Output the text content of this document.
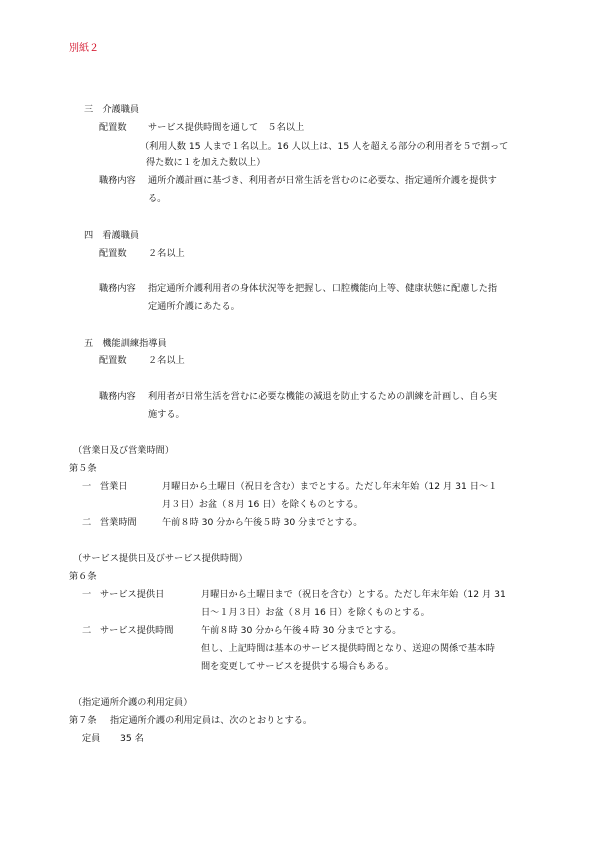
別紙２
三　介護職員
配置数 サービス提供時間を通して　５名以上
（利用人数 15 人まで１名以上。16 人以上は、15 人を超える部分の利用者を５で割って
得た数に１を加えた数以上）
職務内容 通所介護計画に基づき、利用者が日常生活を営むのに必要な、指定通所介護を提供す
る。
四　看護職員
配置数 ２名以上
職務内容 指定通所介護利用者の身体状況等を把握し、口腔機能向上等、健康状態に配慮した指
定通所介護にあたる。
五　機能訓練指導員
配置数 ２名以上
職務内容 利用者が日常生活を営むに必要な機能の減退を防止するための訓練を計画し、自ら実
施する。
（営業日及び営業時間）
第５条
一 営業日	月曜日から土曜日（祝日を含む）までとする。ただし年末年始（12 月 31 日～１
月３日）お盆（８月 16 日）を除くものとする。
二 営業時間	午前８時 30 分から午後５時 30 分までとする。
（サービス提供日及びサービス提供時間）
第６条
一 サービス提供日	月曜日から土曜日まで（祝日を含む）とする。ただし年末年始（12 月 31
日～１月３日）お盆（８月 16 日）を除くものとする。
二 サービス提供時間	午前８時 30 分から午後４時 30 分までとする。
但し、上記時間は基本のサービス提供時間となり、送迎の関係で基本時
間を変更してサービスを提供する場合もある。
（指定通所介護の利用定員）
第７条 指定通所介護の利用定員は、次のとおりとする。
定員 35 名
